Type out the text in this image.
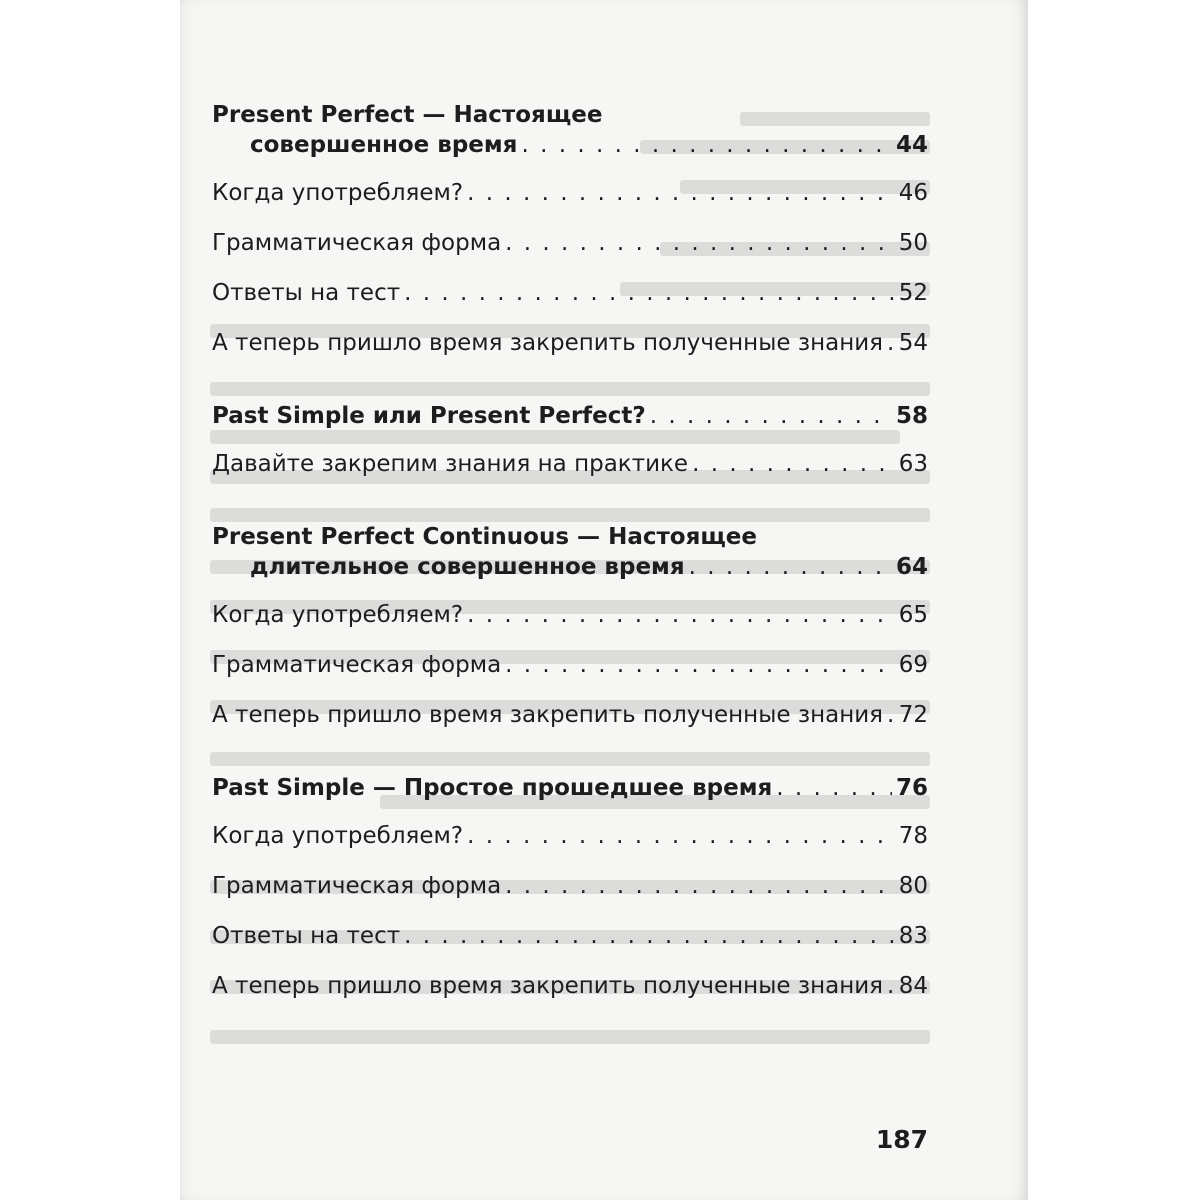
Present Perfect — Настоящее
совершенное время . . .	44
Когда употребляем? . . .	46
Грамматическая форма . . .	50
Ответы на тест . . .	52
А теперь пришло время закрепить полученные знания . . . 54
Past Simple или Present Perfect? . . .	58
Давайте закрепим знания на практике . . .	63
Present Perfect Continuous — Настоящее
длительное совершенное время . . .	64
Когда употребляем? . . .	65
Грамматическая форма . . .	69
А теперь пришло время закрепить полученные знания . . . 72
Past Simple — Простое прошедшее время . . .	76
Когда употребляем? . . .	78
Грамматическая форма . . .	80
Ответы на тест . . .	83
А теперь пришло время закрепить полученные знания . . . 84
187
